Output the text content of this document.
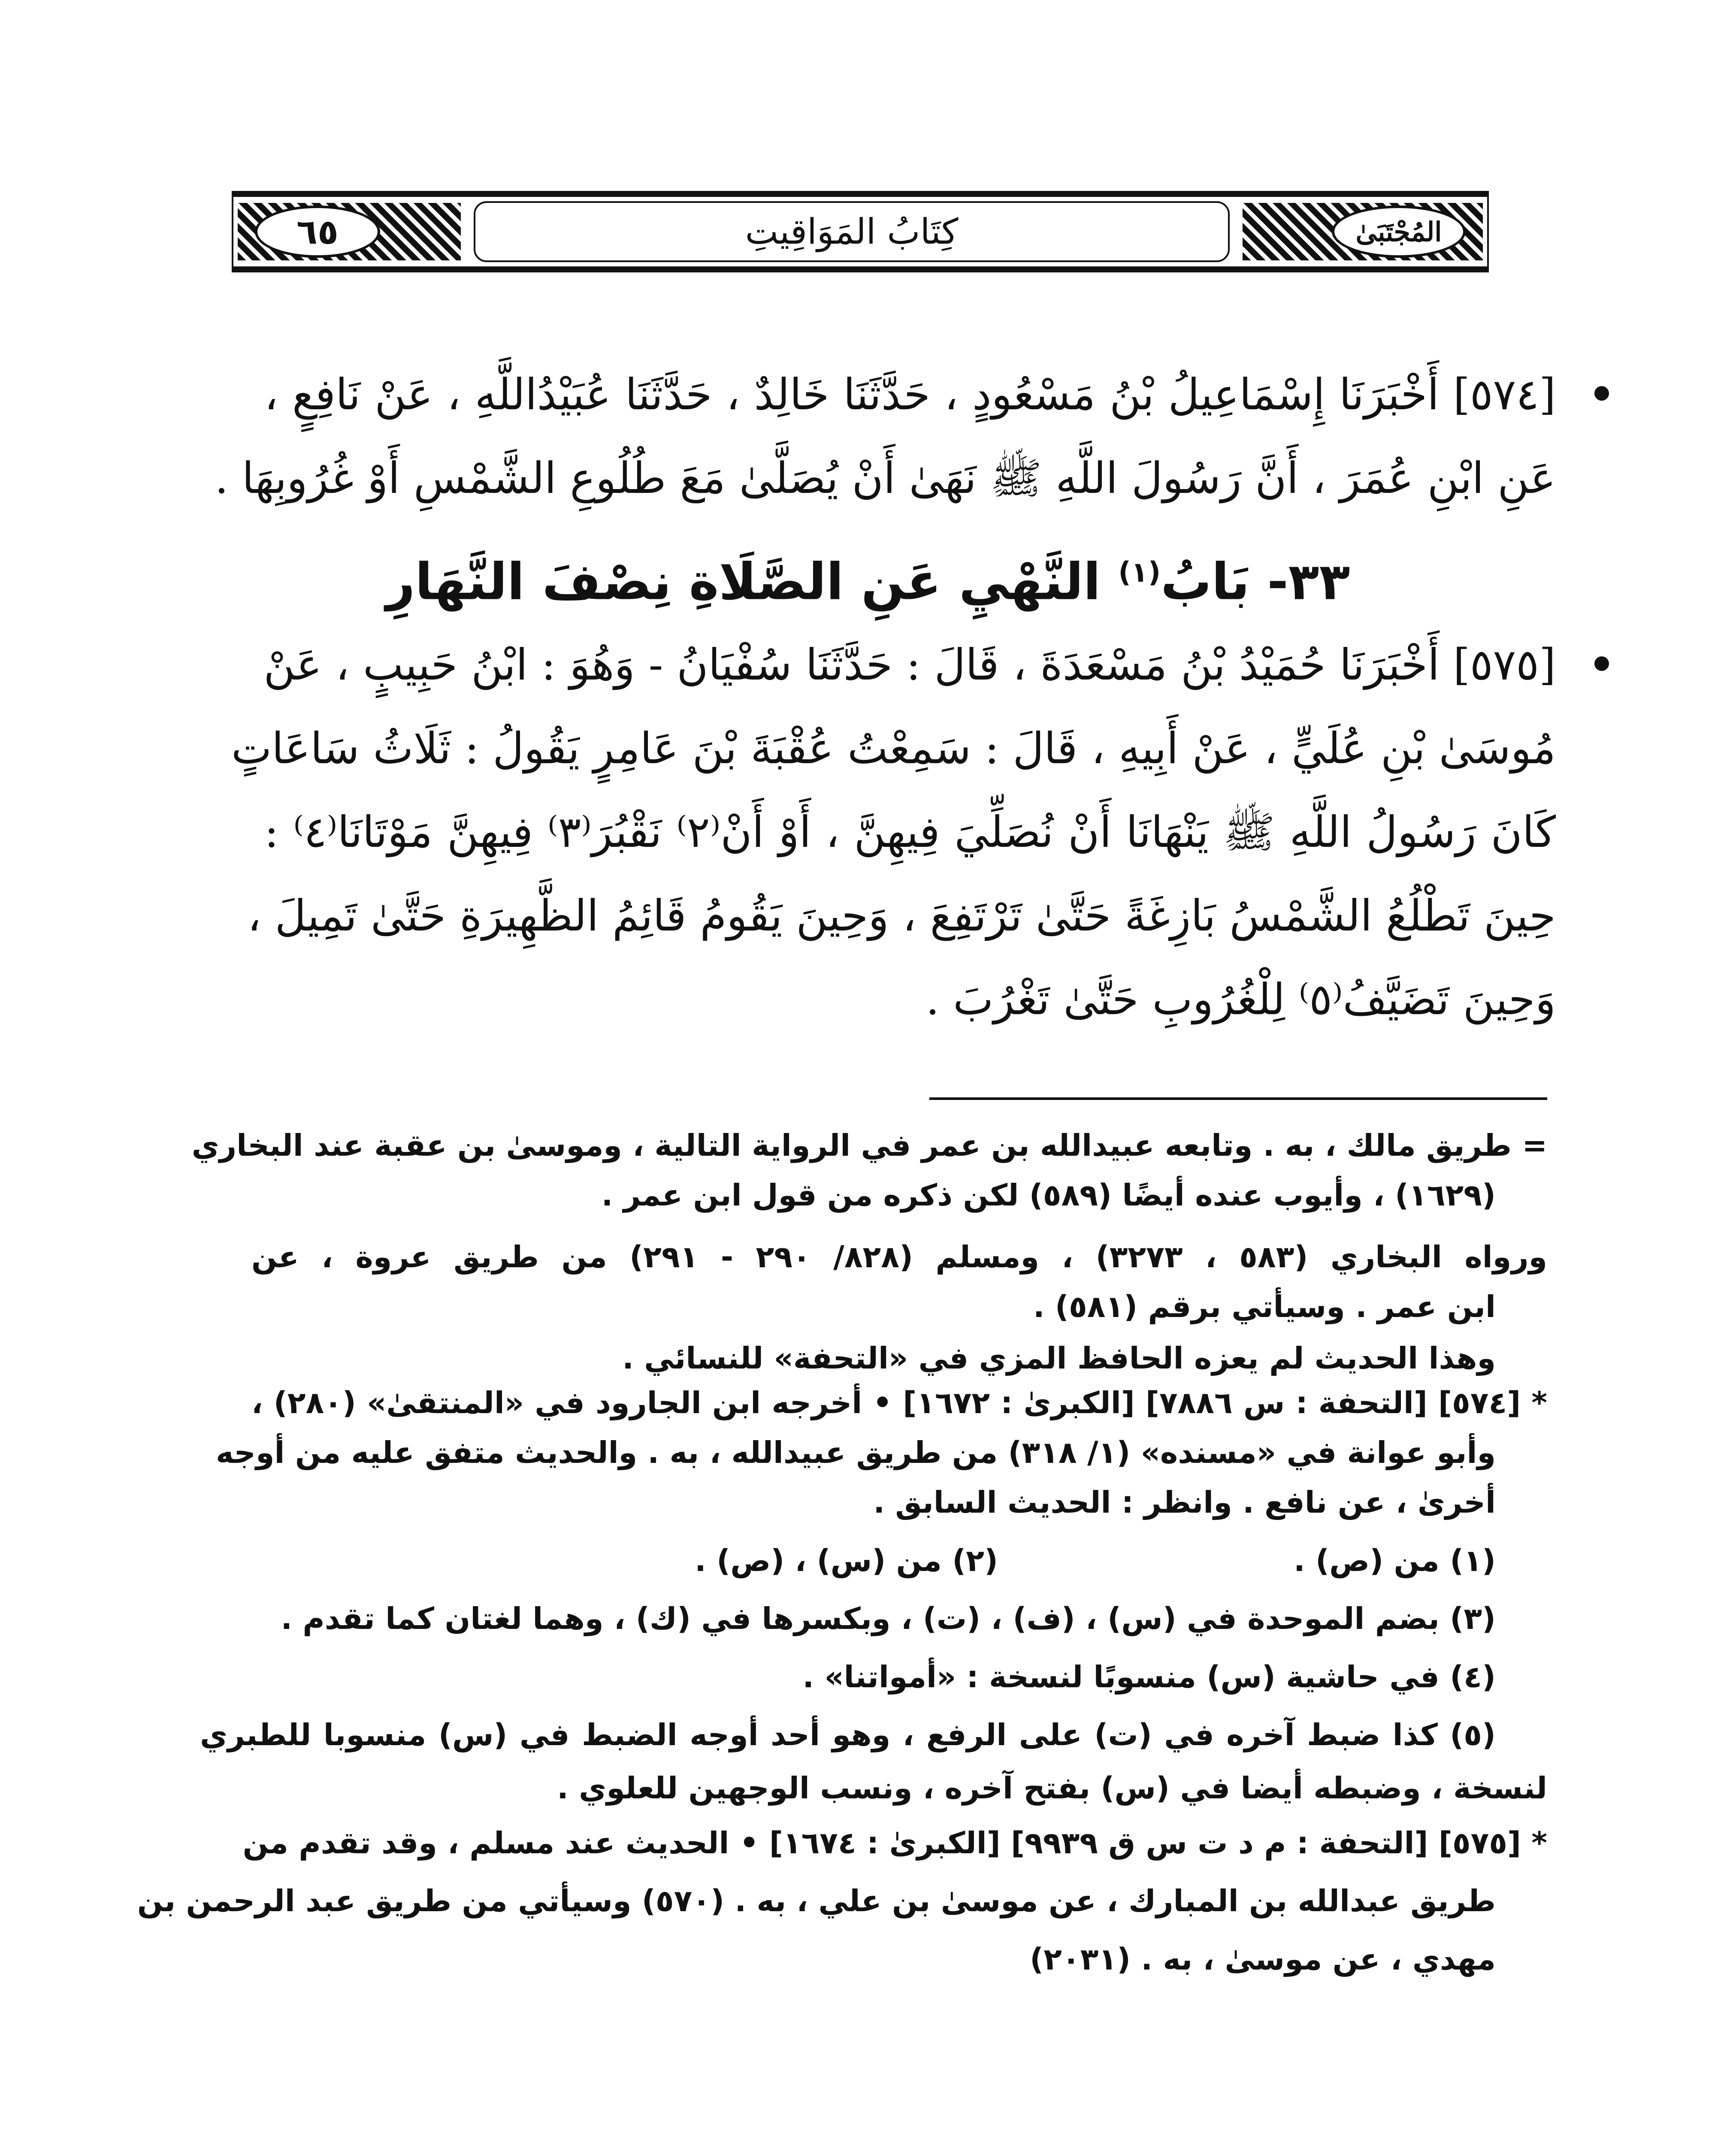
٦٥	كِتَابُ المَوَاقِيتِ	المُجْتَبَىٰ
[٥٧٤] أَخْبَرَنَا إِسْمَاعِيلُ بْنُ مَسْعُودٍ ، حَدَّثَنَا خَالِدٌ ، حَدَّثَنَا عُبَيْدُاللَّهِ ، عَنْ نَافِعٍ ،
عَنِ ابْنِ عُمَرَ ، أَنَّ رَسُولَ اللَّهِ ﷺ نَهَىٰ أَنْ يُصَلَّىٰ مَعَ طُلُوعِ الشَّمْسِ أَوْ غُرُوبِهَا .
٣٣- بَابُ$^{(١)}$ النَّهْيِ عَنِ الصَّلَاةِ نِصْفَ النَّهَارِ
[٥٧٥] أَخْبَرَنَا حُمَيْدُ بْنُ مَسْعَدَةَ ، قَالَ : حَدَّثَنَا سُفْيَانُ - وَهُوَ : ابْنُ حَبِيبٍ ، عَنْ
مُوسَىٰ بْنِ عُلَيٍّ ، عَنْ أَبِيهِ ، قَالَ : سَمِعْتُ عُقْبَةَ بْنَ عَامِرٍ يَقُولُ : ثَلَاثُ سَاعَاتٍ
كَانَ رَسُولُ اللَّهِ ﷺ يَنْهَانَا أَنْ نُصَلِّيَ فِيهِنَّ ، أَوْ أَنْ⁽٢⁾ نَقْبُرَ⁽٣⁾ فِيهِنَّ مَوْتَانَا⁽٤⁾ :
حِينَ تَطْلُعُ الشَّمْسُ بَازِغَةً حَتَّىٰ تَرْتَفِعَ ، وَحِينَ يَقُومُ قَائِمُ الظَّهِيرَةِ حَتَّىٰ تَمِيلَ ،
وَحِينَ تَضَيَّفُ⁽٥⁾ لِلْغُرُوبِ حَتَّىٰ تَغْرُبَ .
= طريق مالك ، به . وتابعه عبيدالله بن عمر في الرواية التالية ، وموسىٰ بن عقبة عند البخاري
(١٦٢٩) ، وأيوب عنده أيضًا (٥٨٩) لكن ذكره من قول ابن عمر .
ورواه البخاري (٥٨٣ ، ٣٢٧٣) ، ومسلم (٨٢٨/ ٢٩٠ - ٢٩١) من طريق عروة ، عن
ابن عمر . وسيأتي برقم (٥٨١) .
وهذا الحديث لم يعزه الحافظ المزي في «التحفة» للنسائي .
* [٥٧٤] [التحفة : س ٧٨٨٦] [الكبرىٰ : ١٦٧٢] • أخرجه ابن الجارود في «المنتقىٰ» (٢٨٠) ،
وأبو عوانة في «مسنده» (١/ ٣١٨) من طريق عبيدالله ، به . والحديث متفق عليه من أوجه
أخرىٰ ، عن نافع . وانظر : الحديث السابق .
(١) من (ص) .
(٢) من (س) ، (ص) .
(٣) بضم الموحدة في (س) ، (ف) ، (ت) ، وبكسرها في (ك) ، وهما لغتان كما تقدم .
(٤) في حاشية (س) منسوبًا لنسخة : «أمواتنا» .
(٥) كذا ضبط آخره في (ت) على الرفع ، وهو أحد أوجه الضبط في (س) منسوبا للطبري
لنسخة ، وضبطه أيضا في (س) بفتح آخره ، ونسب الوجهين للعلوي .
* [٥٧٥] [التحفة : م د ت س ق ٩٩٣٩] [الكبرىٰ : ١٦٧٤] • الحديث عند مسلم ، وقد تقدم من
طريق عبدالله بن المبارك ، عن موسىٰ بن علي ، به . (٥٧٠) وسيأتي من طريق عبد الرحمن بن
مهدي ، عن موسىٰ ، به . (٢٠٣١)
